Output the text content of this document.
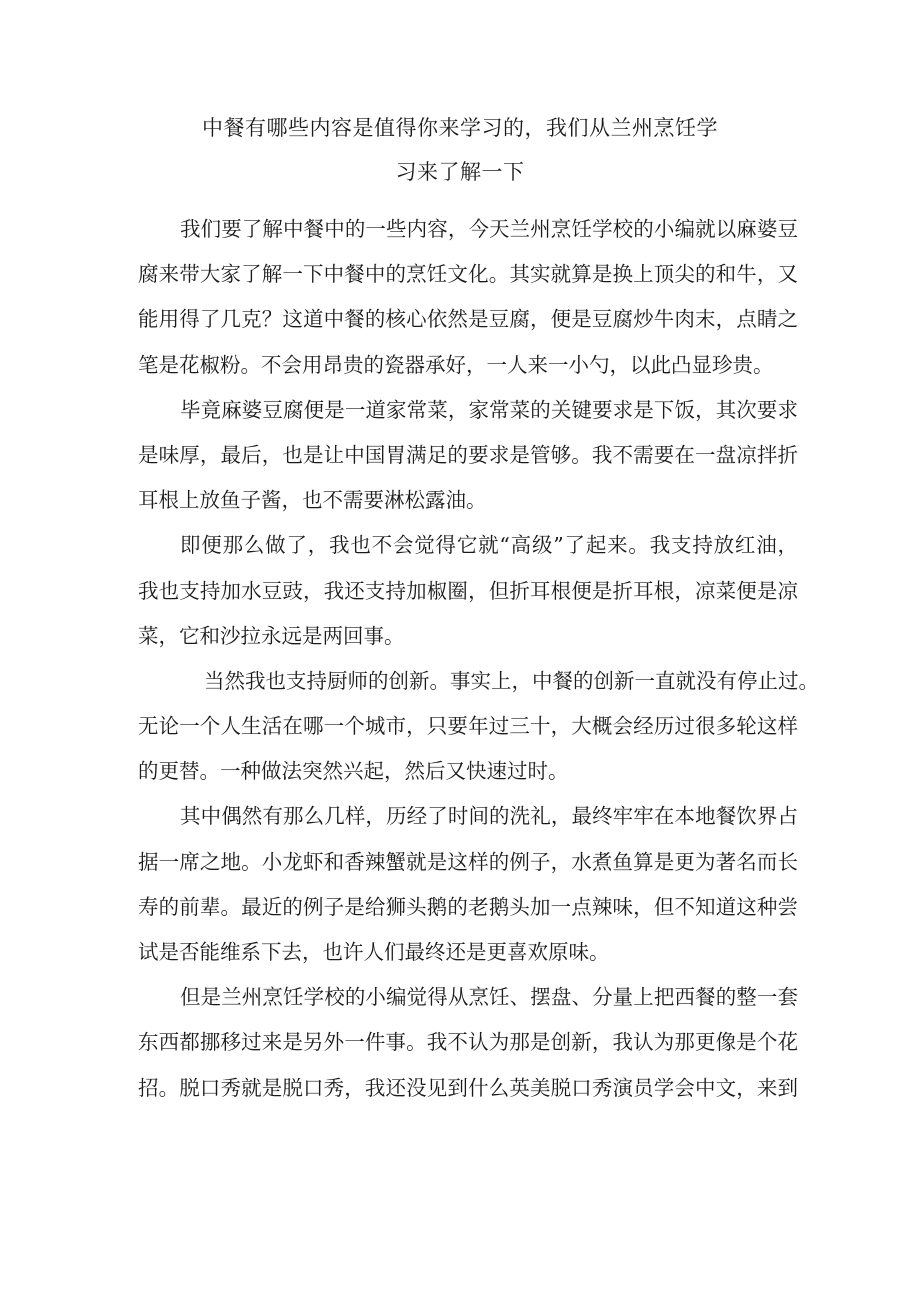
中餐有哪些内容是值得你来学习的，我们从兰州烹饪学
习来了解一下

我们要了解中餐中的一些内容，今天兰州烹饪学校的小编就以麻婆豆
腐来带大家了解一下中餐中的烹饪文化。其实就算是换上顶尖的和牛，又
能用得了几克？这道中餐的核心依然是豆腐，便是豆腐炒牛肉末，点睛之
笔是花椒粉。不会用昂贵的瓷器承好，一人来一小勺，以此凸显珍贵。

毕竟麻婆豆腐便是一道家常菜，家常菜的关键要求是下饭，其次要求
是味厚，最后，也是让中国胃满足的要求是管够。我不需要在一盘凉拌折
耳根上放鱼子酱，也不需要淋松露油。

即便那么做了，我也不会觉得它就“高级”了起来。我支持放红油，
我也支持加水豆豉，我还支持加椒圈，但折耳根便是折耳根，凉菜便是凉
菜，它和沙拉永远是两回事。

当然我也支持厨师的创新。事实上，中餐的创新一直就没有停止过。
无论一个人生活在哪一个城市，只要年过三十，大概会经历过很多轮这样
的更替。一种做法突然兴起，然后又快速过时。

其中偶然有那么几样，历经了时间的洗礼，最终牢牢在本地餐饮界占
据一席之地。小龙虾和香辣蟹就是这样的例子，水煮鱼算是更为著名而长
寿的前辈。最近的例子是给狮头鹅的老鹅头加一点辣味，但不知道这种尝
试是否能维系下去，也许人们最终还是更喜欢原味。

但是兰州烹饪学校的小编觉得从烹饪、摆盘、分量上把西餐的整一套
东西都挪移过来是另外一件事。我不认为那是创新，我认为那更像是个花
招。脱口秀就是脱口秀，我还没见到什么英美脱口秀演员学会中文，来到
